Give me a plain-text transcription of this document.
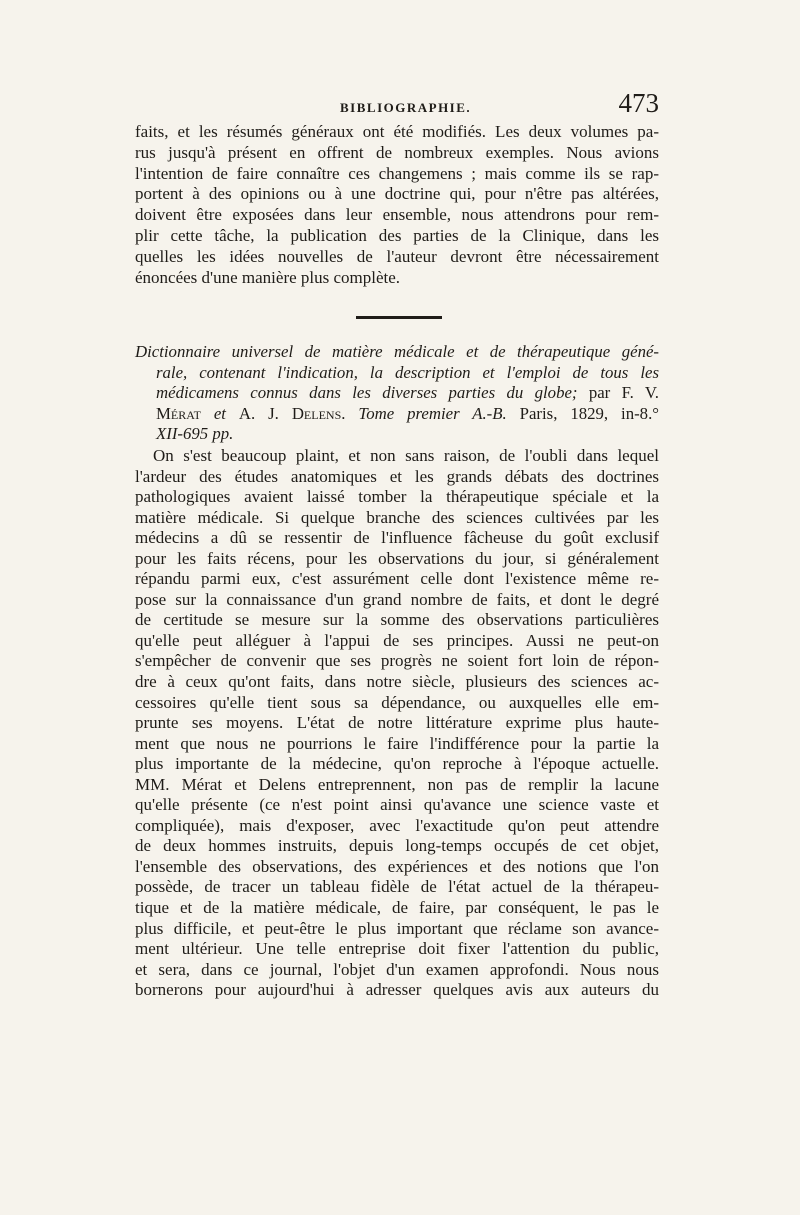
BIBLIOGRAPHIE.	473
faits, et les résumés généraux ont été modifiés. Les deux volumes pa-
rus jusqu'à présent en offrent de nombreux exemples. Nous avions
l'intention de faire connaître ces changemens ; mais comme ils se rap-
portent à des opinions ou à une doctrine qui, pour n'être pas altérées,
doivent être exposées dans leur ensemble, nous attendrons pour rem-
plir cette tâche, la publication des parties de la Clinique, dans les
quelles les idées nouvelles de l'auteur devront être nécessairement
énoncées d'une manière plus complète.
Dictionnaire universel de matière médicale et de thérapeutique géné-
rale, contenant l'indication, la description et l'emploi de tous les
médicamens connus dans les diverses parties du globe; par F. V.
Mérat et A. J. Delens. Tome premier A.-B. Paris, 1829, in-8.°
XII-695 pp.
On s'est beaucoup plaint, et non sans raison, de l'oubli dans lequel
l'ardeur des études anatomiques et les grands débats des doctrines
pathologiques avaient laissé tomber la thérapeutique spéciale et la
matière médicale. Si quelque branche des sciences cultivées par les
médecins a dû se ressentir de l'influence fâcheuse du goût exclusif
pour les faits récens, pour les observations du jour, si généralement
répandu parmi eux, c'est assurément celle dont l'existence même re-
pose sur la connaissance d'un grand nombre de faits, et dont le degré
de certitude se mesure sur la somme des observations particulières
qu'elle peut alléguer à l'appui de ses principes. Aussi ne peut-on
s'empêcher de convenir que ses progrès ne soient fort loin de répon-
dre à ceux qu'ont faits, dans notre siècle, plusieurs des sciences ac-
cessoires qu'elle tient sous sa dépendance, ou auxquelles elle em-
prunte ses moyens. L'état de notre littérature exprime plus haute-
ment que nous ne pourrions le faire l'indifférence pour la partie la
plus importante de la médecine, qu'on reproche à l'époque actuelle.
MM. Mérat et Delens entreprennent, non pas de remplir la lacune
qu'elle présente (ce n'est point ainsi qu'avance une science vaste et
compliquée), mais d'exposer, avec l'exactitude qu'on peut attendre
de deux hommes instruits, depuis long-temps occupés de cet objet,
l'ensemble des observations, des expériences et des notions que l'on
possède, de tracer un tableau fidèle de l'état actuel de la thérapeu-
tique et de la matière médicale, de faire, par conséquent, le pas le
plus difficile, et peut-être le plus important que réclame son avance-
ment ultérieur. Une telle entreprise doit fixer l'attention du public,
et sera, dans ce journal, l'objet d'un examen approfondi. Nous nous
bornerons pour aujourd'hui à adresser quelques avis aux auteurs du
